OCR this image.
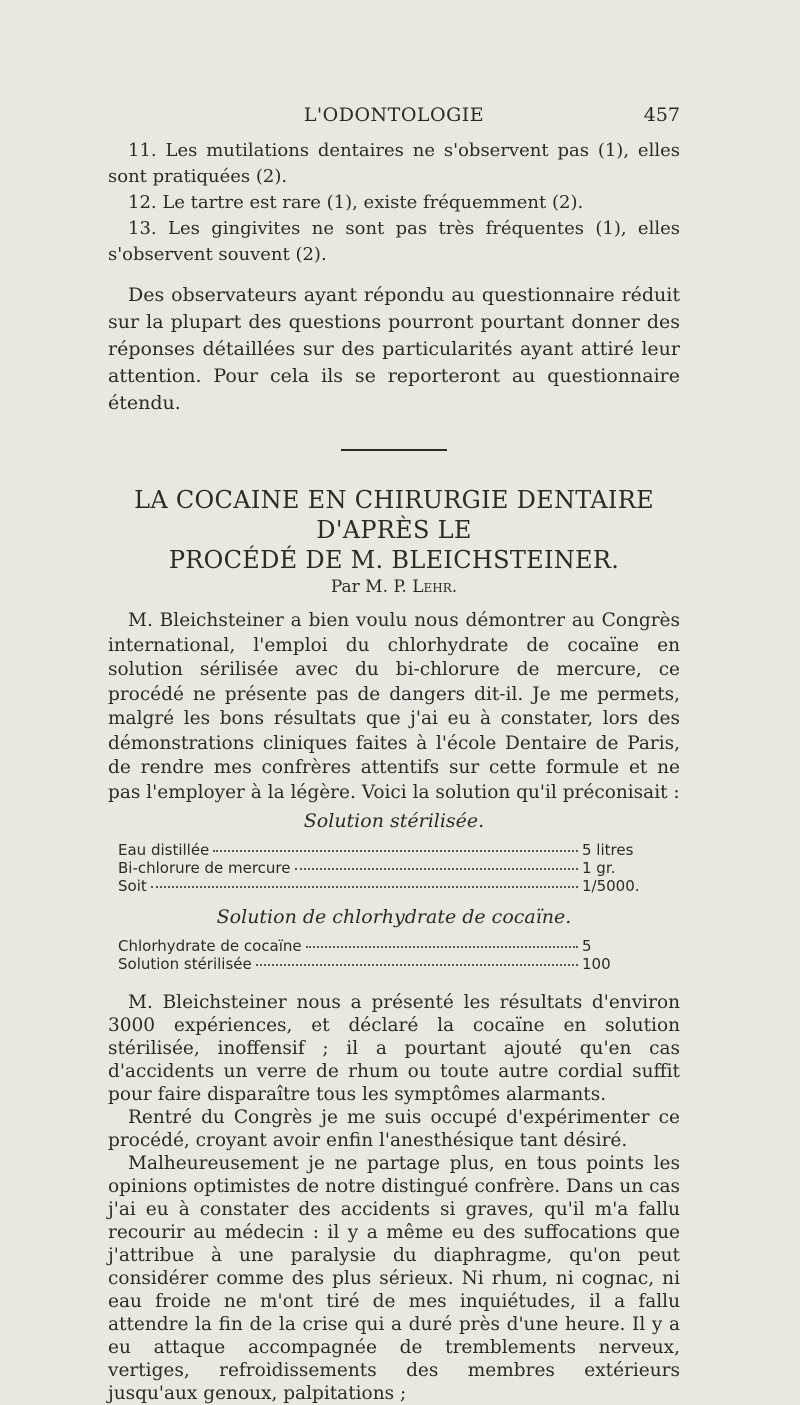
L'ODONTOLOGIE	457

11. Les mutilations dentaires ne s'observent pas (1), elles sont pratiquées (2).

12. Le tartre est rare (1), existe fréquemment (2).

13. Les gingivites ne sont pas très fréquentes (1), elles s'observent souvent (2).

Des observateurs ayant répondu au questionnaire réduit sur la plupart des questions pourront pourtant donner des réponses détaillées sur des particularités ayant attiré leur attention. Pour cela ils se reporteront au questionnaire étendu.

LA COCAINE EN CHIRURGIE DENTAIRE D'APRÈS LE

PROCÉDÉ DE M. BLEICHSTEINER.

Par M. P. Lehr.

M. Bleichsteiner a bien voulu nous démontrer au Congrès international, l'emploi du chlorhydrate de cocaïne en solution sérilisée avec du bi-chlorure de mercure, ce procédé ne présente pas de dangers dit-il. Je me permets, malgré les bons résultats que j'ai eu à constater, lors des démonstrations cliniques faites à l'école Dentaire de Paris, de rendre mes confrères attentifs sur cette formule et ne pas l'employer à la légère. Voici la solution qu'il préconisait :

Solution stérilisée.
Eau distillée	5 litres
Bi-chlorure de mercure	1 gr.
Soit	1/5000.
Solution de chlorhydrate de cocaïne.
Chlorhydrate de cocaïne	5
Solution stérilisée	100

M. Bleichsteiner nous a présenté les résultats d'environ 3000 expériences, et déclaré la cocaïne en solution stérilisée, inoffensif ; il a pourtant ajouté qu'en cas d'accidents un verre de rhum ou toute autre cordial suffit pour faire disparaître tous les symptômes alarmants.

Rentré du Congrès je me suis occupé d'expérimenter ce procédé, croyant avoir enfin l'anesthésique tant désiré.

Malheureusement je ne partage plus, en tous points les opinions optimistes de notre distingué confrère. Dans un cas j'ai eu à constater des accidents si graves, qu'il m'a fallu recourir au médecin : il y a même eu des suffocations que j'attribue à une paralysie du diaphragme, qu'on peut considérer comme des plus sérieux. Ni rhum, ni cognac, ni eau froide ne m'ont tiré de mes inquiétudes, il a fallu attendre la fin de la crise qui a duré près d'une heure. Il y a eu attaque accompagnée de tremblements nerveux, vertiges, refroidissements des membres extérieurs jusqu'aux genoux, palpitations ;
